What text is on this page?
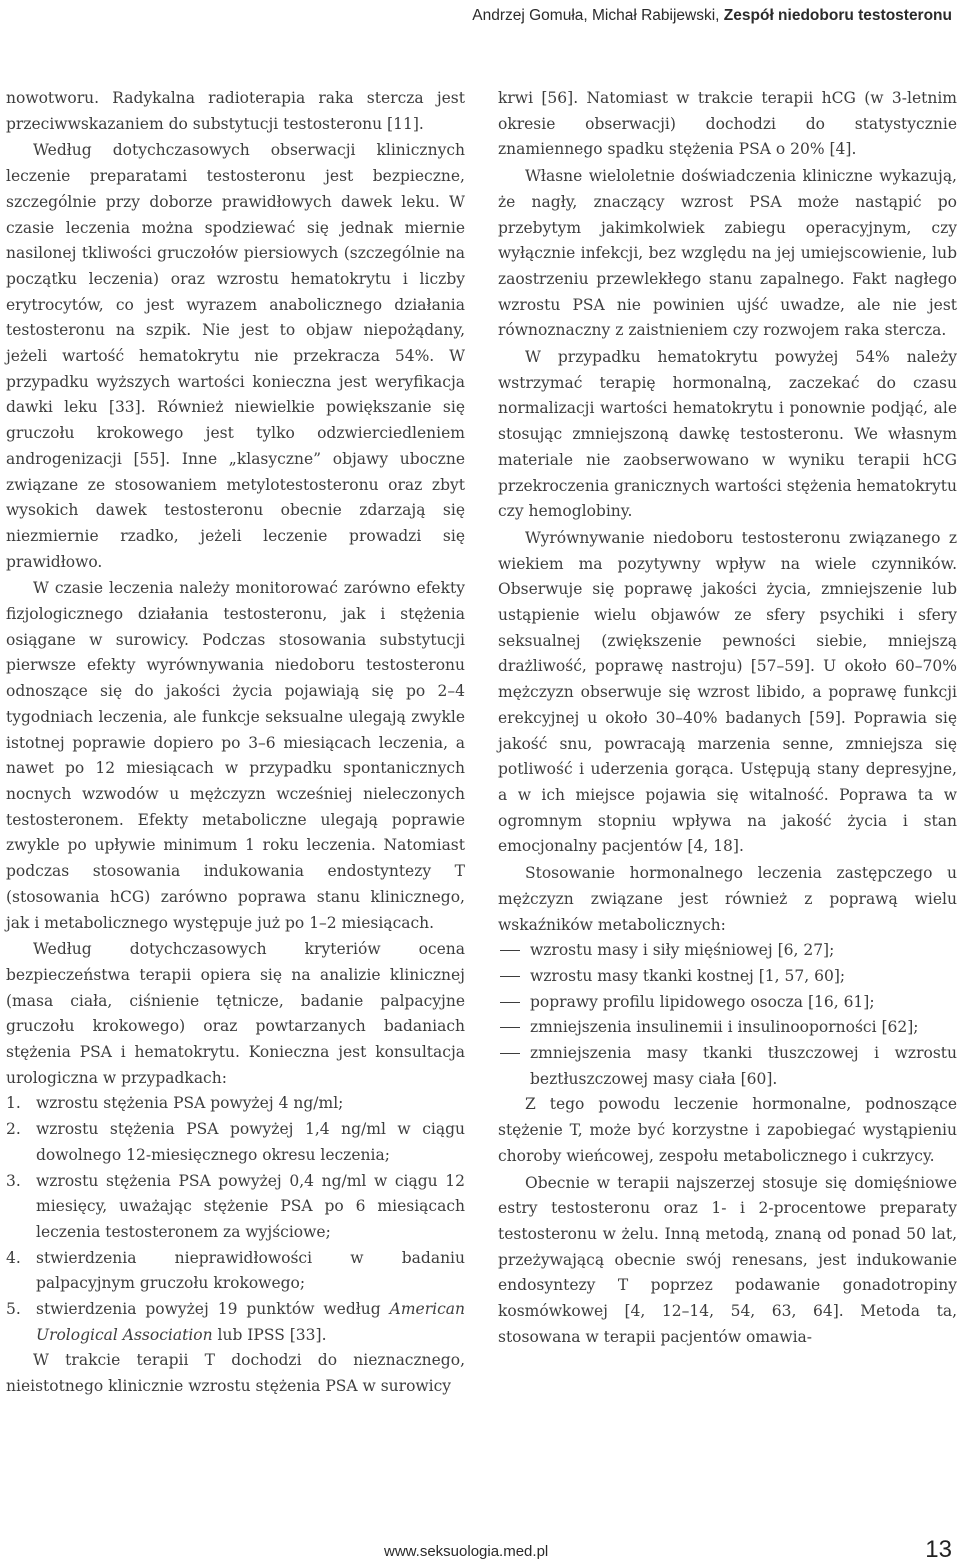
Andrzej Gomuła, Michał Rabijewski, Zespół niedoboru testosteronu

nowotworu. Radykalna radioterapia raka stercza jest przeciwwskazaniem do substytucji testosteronu [11].

Według dotychczasowych obserwacji klinicznych leczenie preparatami testosteronu jest bezpieczne, szczególnie przy doborze prawidłowych dawek leku. W czasie leczenia można spodziewać się jednak miernie nasilonej tkliwości gruczołów piersiowych (szczególnie na początku leczenia) oraz wzrostu hematokrytu i liczby erytrocytów, co jest wyrazem anabolicznego działania testosteronu na szpik. Nie jest to objaw niepożądany, jeżeli wartość hematokrytu nie przekracza 54%. W przypadku wyższych wartości konieczna jest weryfikacja dawki leku [33]. Również niewielkie powiększanie się gruczołu krokowego jest tylko odzwierciedleniem androgenizacji [55]. Inne „klasyczne” objawy uboczne związane ze stosowaniem metylotestosteronu oraz zbyt wysokich dawek testosteronu obecnie zdarzają się niezmiernie rzadko, jeżeli leczenie prowadzi się prawidłowo.

W czasie leczenia należy monitorować zarówno efekty fizjologicznego działania testosteronu, jak i stężenia osiągane w surowicy. Podczas stosowania substytucji pierwsze efekty wyrównywania niedoboru testosteronu odnoszące się do jakości życia pojawiają się po 2–4 tygodniach leczenia, ale funkcje seksualne ulegają zwykle istotnej poprawie dopiero po 3–6 miesiącach leczenia, a nawet po 12 miesiącach w przypadku spontanicznych nocnych wzwodów u mężczyzn wcześniej nieleczonych testosteronem. Efekty metaboliczne ulegają poprawie zwykle po upływie minimum 1 roku leczenia. Natomiast podczas stosowania indukowania endostyntezy T (stosowania hCG) zarówno poprawa stanu klinicznego, jak i metabolicznego występuje już po 1–2 miesiącach.

Według dotychczasowych kryteriów ocena bezpieczeństwa terapii opiera się na analizie klinicznej (masa ciała, ciśnienie tętnicze, badanie palpacyjne gruczołu krokowego) oraz powtarzanych badaniach stężenia PSA i hematokrytu. Konieczna jest konsultacja urologiczna w przypadkach:

1. wzrostu stężenia PSA powyżej 4 ng/ml;
2. wzrostu stężenia PSA powyżej 1,4 ng/ml w ciągu dowolnego 12-miesięcznego okresu leczenia;
3. wzrostu stężenia PSA powyżej 0,4 ng/ml w ciągu 12 miesięcy, uważając stężenie PSA po 6 miesiącach leczenia testosteronem za wyjściowe;
4. stwierdzenia nieprawidłowości w badaniu palpacyjnym gruczołu krokowego;
5. stwierdzenia powyżej 19 punktów według American Urological Association lub IPSS [33].

W trakcie terapii T dochodzi do nieznacznego, nieistotnego klinicznie wzrostu stężenia PSA w surowicy

krwi [56]. Natomiast w trakcie terapii hCG (w 3-letnim okresie obserwacji) dochodzi do statystycznie znamiennego spadku stężenia PSA o 20% [4].

Własne wieloletnie doświadczenia kliniczne wykazują, że nagły, znaczący wzrost PSA może nastąpić po przebytym jakimkolwiek zabiegu operacyjnym, czy wyłącznie infekcji, bez względu na jej umiejscowienie, lub zaostrzeniu przewlekłego stanu zapalnego. Fakt nagłego wzrostu PSA nie powinien ujść uwadze, ale nie jest równoznaczny z zaistnieniem czy rozwojem raka stercza.

W przypadku hematokrytu powyżej 54% należy wstrzymać terapię hormonalną, zaczekać do czasu normalizacji wartości hematokrytu i ponownie podjąć, ale stosując zmniejszoną dawkę testosteronu. We własnym materiale nie zaobserwowano w wyniku terapii hCG przekroczenia granicznych wartości stężenia hematokrytu czy hemoglobiny.

Wyrównywanie niedoboru testosteronu związanego z wiekiem ma pozytywny wpływ na wiele czynników. Obserwuje się poprawę jakości życia, zmniejszenie lub ustąpienie wielu objawów ze sfery psychiki i sfery seksualnej (zwiększenie pewności siebie, mniejszą drażliwość, poprawę nastroju) [57–59]. U około 60–70% mężczyzn obserwuje się wzrost libido, a poprawę funkcji erekcyjnej u około 30–40% badanych [59]. Poprawia się jakość snu, powracają marzenia senne, zmniejsza się potliwość i uderzenia gorąca. Ustępują stany depresyjne, a w ich miejsce pojawia się witalność. Poprawa ta w ogromnym stopniu wpływa na jakość życia i stan emocjonalny pacjentów [4, 18].

Stosowanie hormonalnego leczenia zastępczego u mężczyzn związane jest również z poprawą wielu wskaźników metabolicznych:

wzrostu masy i siły mięśniowej [6, 27];
wzrostu masy tkanki kostnej [1, 57, 60];
poprawy profilu lipidowego osocza [16, 61];
zmniejszenia insulinemii i insulinooporności [62];
zmniejszenia masy tkanki tłuszczowej i wzrostu beztłuszczowej masy ciała [60].

Z tego powodu leczenie hormonalne, podnoszące stężenie T, może być korzystne i zapobiegać wystąpieniu choroby wieńcowej, zespołu metabolicznego i cukrzycy.

Obecnie w terapii najszerzej stosuje się domięśniowe estry testosteronu oraz 1- i 2-procentowe preparaty testosteronu w żelu. Inną metodą, znaną od ponad 50 lat, przeżywającą obecnie swój renesans, jest indukowanie endosyntezy T poprzez podawanie gonadotropiny kosmówkowej [4, 12–14, 54, 63, 64]. Metoda ta, stosowana w terapii pacjentów omawia-

www.seksuologia.med.pl	13
